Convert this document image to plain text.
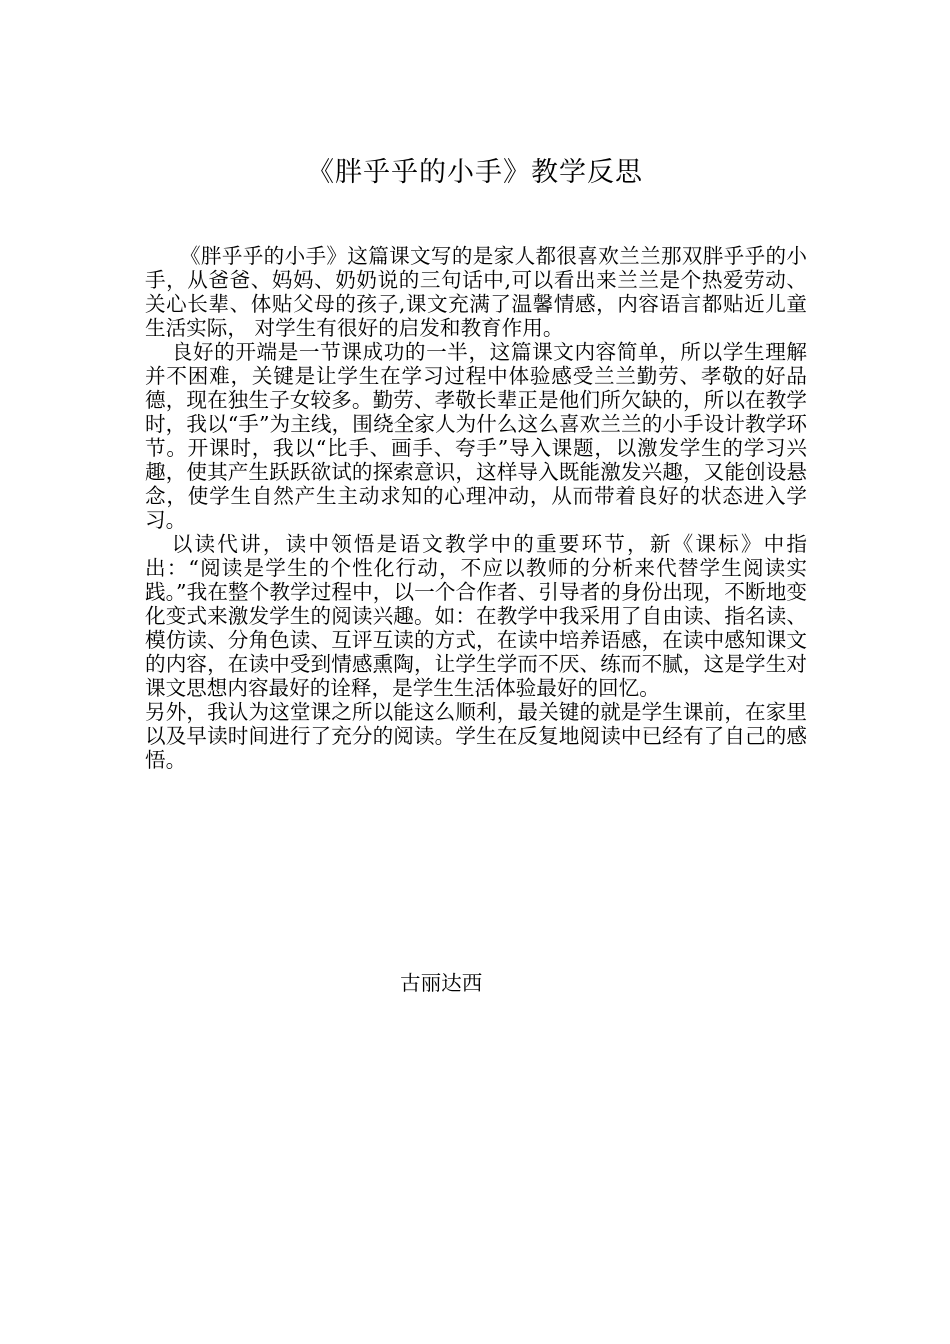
《胖乎乎的小手》教学反思

《胖乎乎的小手》这篇课文写的是家人都很喜欢兰兰那双胖乎乎的小手，从爸爸、妈妈、奶奶说的三句话中,可以看出来兰兰是个热爱劳动、关心长辈、体贴父母的孩子,课文充满了温馨情感，内容语言都贴近儿童生活实际， 对学生有很好的启发和教育作用。

良好的开端是一节课成功的一半，这篇课文内容简单，所以学生理解并不困难，关键是让学生在学习过程中体验感受兰兰勤劳、孝敬的好品德，现在独生子女较多。勤劳、孝敬长辈正是他们所欠缺的，所以在教学时，我以“手”为主线，围绕全家人为什么这么喜欢兰兰的小手设计教学环节。开课时，我以“比手、画手、夸手”导入课题，以激发学生的学习兴趣，使其产生跃跃欲试的探索意识，这样导入既能激发兴趣，又能创设悬念，使学生自然产生主动求知的心理冲动，从而带着良好的状态进入学习。

以读代讲，读中领悟是语文教学中的重要环节，新《课标》中指出：“阅读是学生的个性化行动，不应以教师的分析来代替学生阅读实践。”我在整个教学过程中，以一个合作者、引导者的身份出现，不断地变化变式来激发学生的阅读兴趣。如：在教学中我采用了自由读、指名读、模仿读、分角色读、互评互读的方式，在读中培养语感，在读中感知课文的内容，在读中受到情感熏陶，让学生学而不厌、练而不腻，这是学生对课文思想内容最好的诠释，是学生生活体验最好的回忆。

另外，我认为这堂课之所以能这么顺利，最关键的就是学生课前，在家里以及早读时间进行了充分的阅读。学生在反复地阅读中已经有了自己的感悟。

古丽达西
